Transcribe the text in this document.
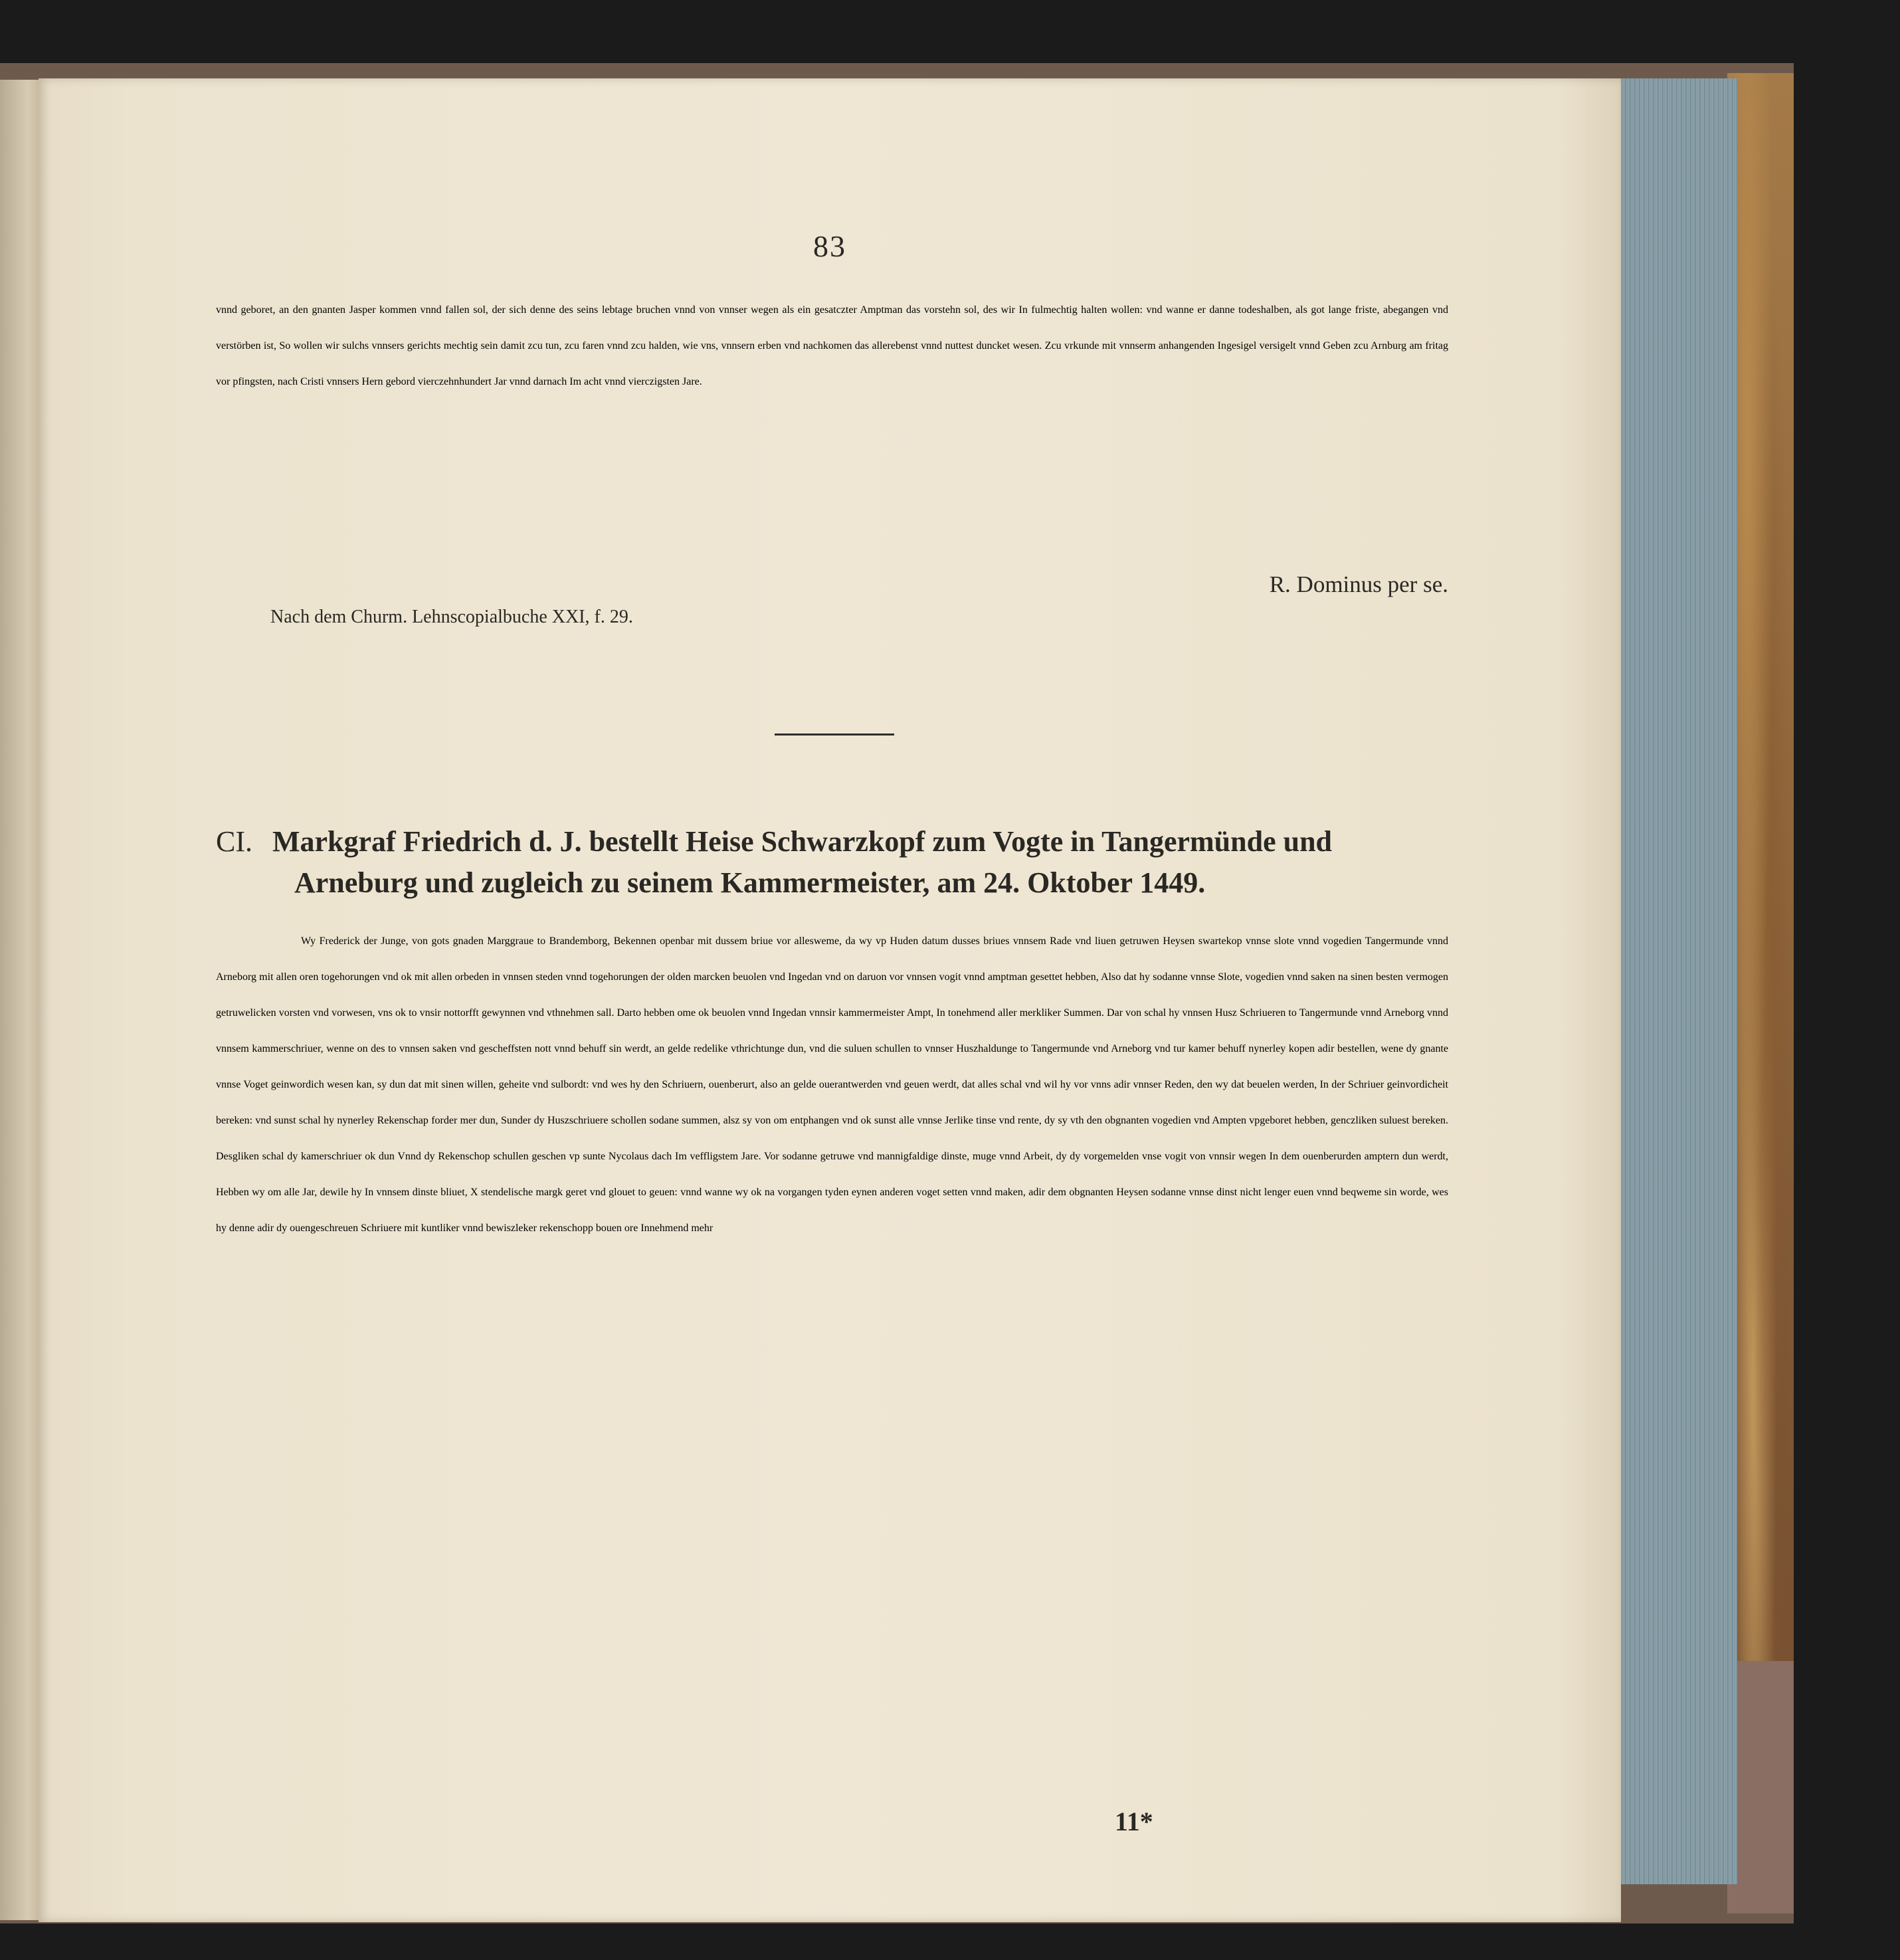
83

vnnd geboret, an den gnanten Jasper kommen vnnd fallen sol, der sich denne des seins lebtage bruchen vnnd von vnnser wegen als ein gesatczter Amptman das vorstehn sol, des wir In fulmechtig halten wollen: vnd wanne er danne todeshalben, als got lange friste, abegangen vnd verstörben ist, So wollen wir sulchs vnnsers gerichts mechtig sein damit zcu tun, zcu faren vnnd zcu halden, wie vns, vnnsern erben vnd nachkomen das allerebenst vnnd nuttest duncket wesen. Zcu vrkunde mit vnnserm anhangenden Ingesigel versigelt vnnd Geben zcu Arnburg am fritag vor pfingsten, nach Cristi vnnsers Hern gebord vierczehnhundert Jar vnnd darnach Im acht vnnd vierczigsten Jare.

R. Dominus per se.
Nach dem Churm. Lehnscopialbuche XXI, f. 29.
CI. Markgraf Friedrich d. J. bestellt Heise Schwarzkopf zum Vogte in Tangermünde und
Arneburg und zugleich zu seinem Kammermeister, am 24. Oktober 1449.

Wy Frederick der Junge, von gots gnaden Marggraue to Brandemborg, Bekennen openbar mit dussem briue vor allesweme, da wy vp Huden datum dusses briues vnnsem Rade vnd liuen getruwen Heysen swartekop vnnse slote vnnd vogedien Tangermunde vnnd Arneborg mit allen oren togehorungen vnd ok mit allen orbeden in vnnsen steden vnnd togehorungen der olden marcken beuolen vnd Ingedan vnd on daruon vor vnnsen vogit vnnd amptman gesettet hebben, Also dat hy sodanne vnnse Slote, vogedien vnnd saken na sinen besten vermogen getruwelicken vorsten vnd vorwesen, vns ok to vnsir nottorfft gewynnen vnd vthnehmen sall. Darto hebben ome ok beuolen vnnd Ingedan vnnsir kammermeister Ampt, In tonehmend aller merkliker Summen. Dar von schal hy vnnsen Husz Schriueren to Tangermunde vnnd Arneborg vnnd vnnsem kammerschriuer, wenne on des to vnnsen saken vnd gescheffsten nott vnnd behuff sin werdt, an gelde redelike vthrichtunge dun, vnd die suluen schullen to vnnser Huszhaldunge to Tangermunde vnd Arneborg vnd tur kamer behuff nynerley kopen adir bestellen, wene dy gnante vnnse Voget geinwordich wesen kan, sy dun dat mit sinen willen, geheite vnd sulbordt: vnd wes hy den Schriuern, ouenberurt, also an gelde ouerantwerden vnd geuen werdt, dat alles schal vnd wil hy vor vnns adir vnnser Reden, den wy dat beuelen werden, In der Schriuer geinvordicheit bereken: vnd sunst schal hy nynerley Rekenschap forder mer dun, Sunder dy Huszschriuere schollen sodane summen, alsz sy von om entphangen vnd ok sunst alle vnnse Jerlike tinse vnd rente, dy sy vth den obgnanten vogedien vnd Ampten vpgeboret hebben, genczliken suluest bereken. Desgliken schal dy kamerschriuer ok dun Vnnd dy Rekenschop schullen geschen vp sunte Nycolaus dach Im veffligstem Jare. Vor sodanne getruwe vnd mannigfaldige dinste, muge vnnd Arbeit, dy dy vorgemelden vnse vogit von vnnsir wegen In dem ouenberurden amptern dun werdt, Hebben wy om alle Jar, dewile hy In vnnsem dinste bliuet, X stendelische margk geret vnd glouet to geuen: vnnd wanne wy ok na vorgangen tyden eynen anderen voget setten vnnd maken, adir dem obgnanten Heysen sodanne vnnse dinst nicht lenger euen vnnd beqweme sin worde, wes hy denne adir dy ouengeschreuen Schriuere mit kuntliker vnnd bewiszleker rekenschopp bouen ore Innehmend mehr

11*
